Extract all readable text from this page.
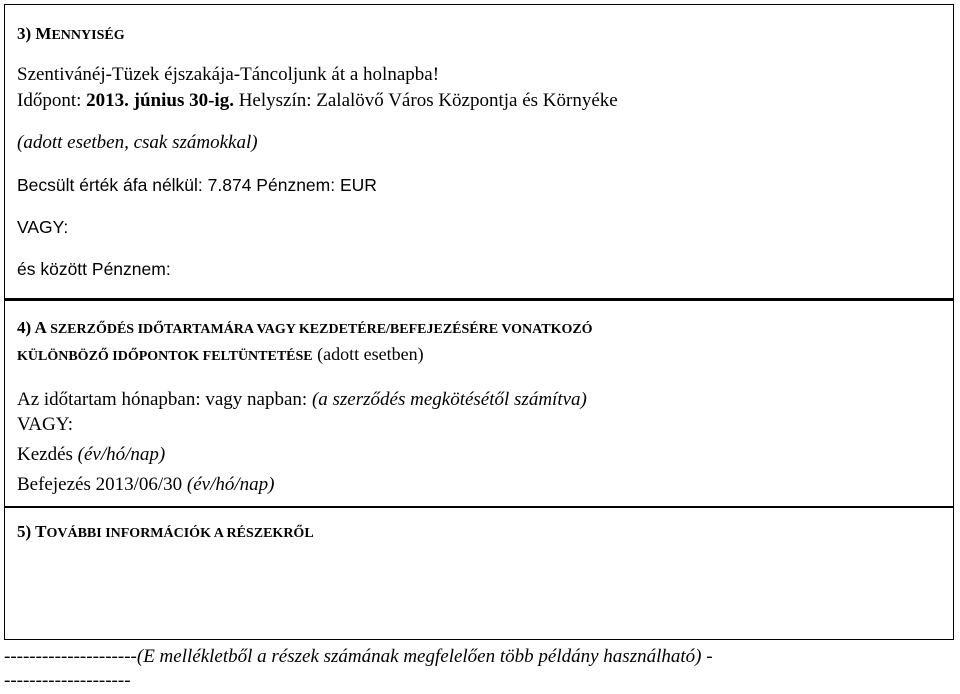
3) MENNYISÉG
Szentivánéj-Tüzek éjszakája-Táncoljunk át a holnapba!
Időpont: 2013. június 30-ig. Helyszín: Zalalövő Város Központja és Környéke
(adott esetben, csak számokkal)
Becsült érték áfa nélkül: 7.874 Pénznem: EUR
VAGY:
és között Pénznem:
4) A SZERZŐDÉS IDŐTARTAMÁRA VAGY KEZDETÉRE/BEFEJEZÉSÉRE VONATKOZÓ
KÜLÖNBÖZŐ IDŐPONTOK FELTÜNTETÉSE (adott esetben)
Az időtartam hónapban: vagy napban: (a szerződés megkötésétől számítva)
VAGY:
Kezdés (év/hó/nap)
Befejezés 2013/06/30 (év/hó/nap)
5) TOVÁBBI INFORMÁCIÓK A RÉSZEKRŐL
---------------------(E mellékletből a részek számának megfelelően több példány használható) -
--------------------
